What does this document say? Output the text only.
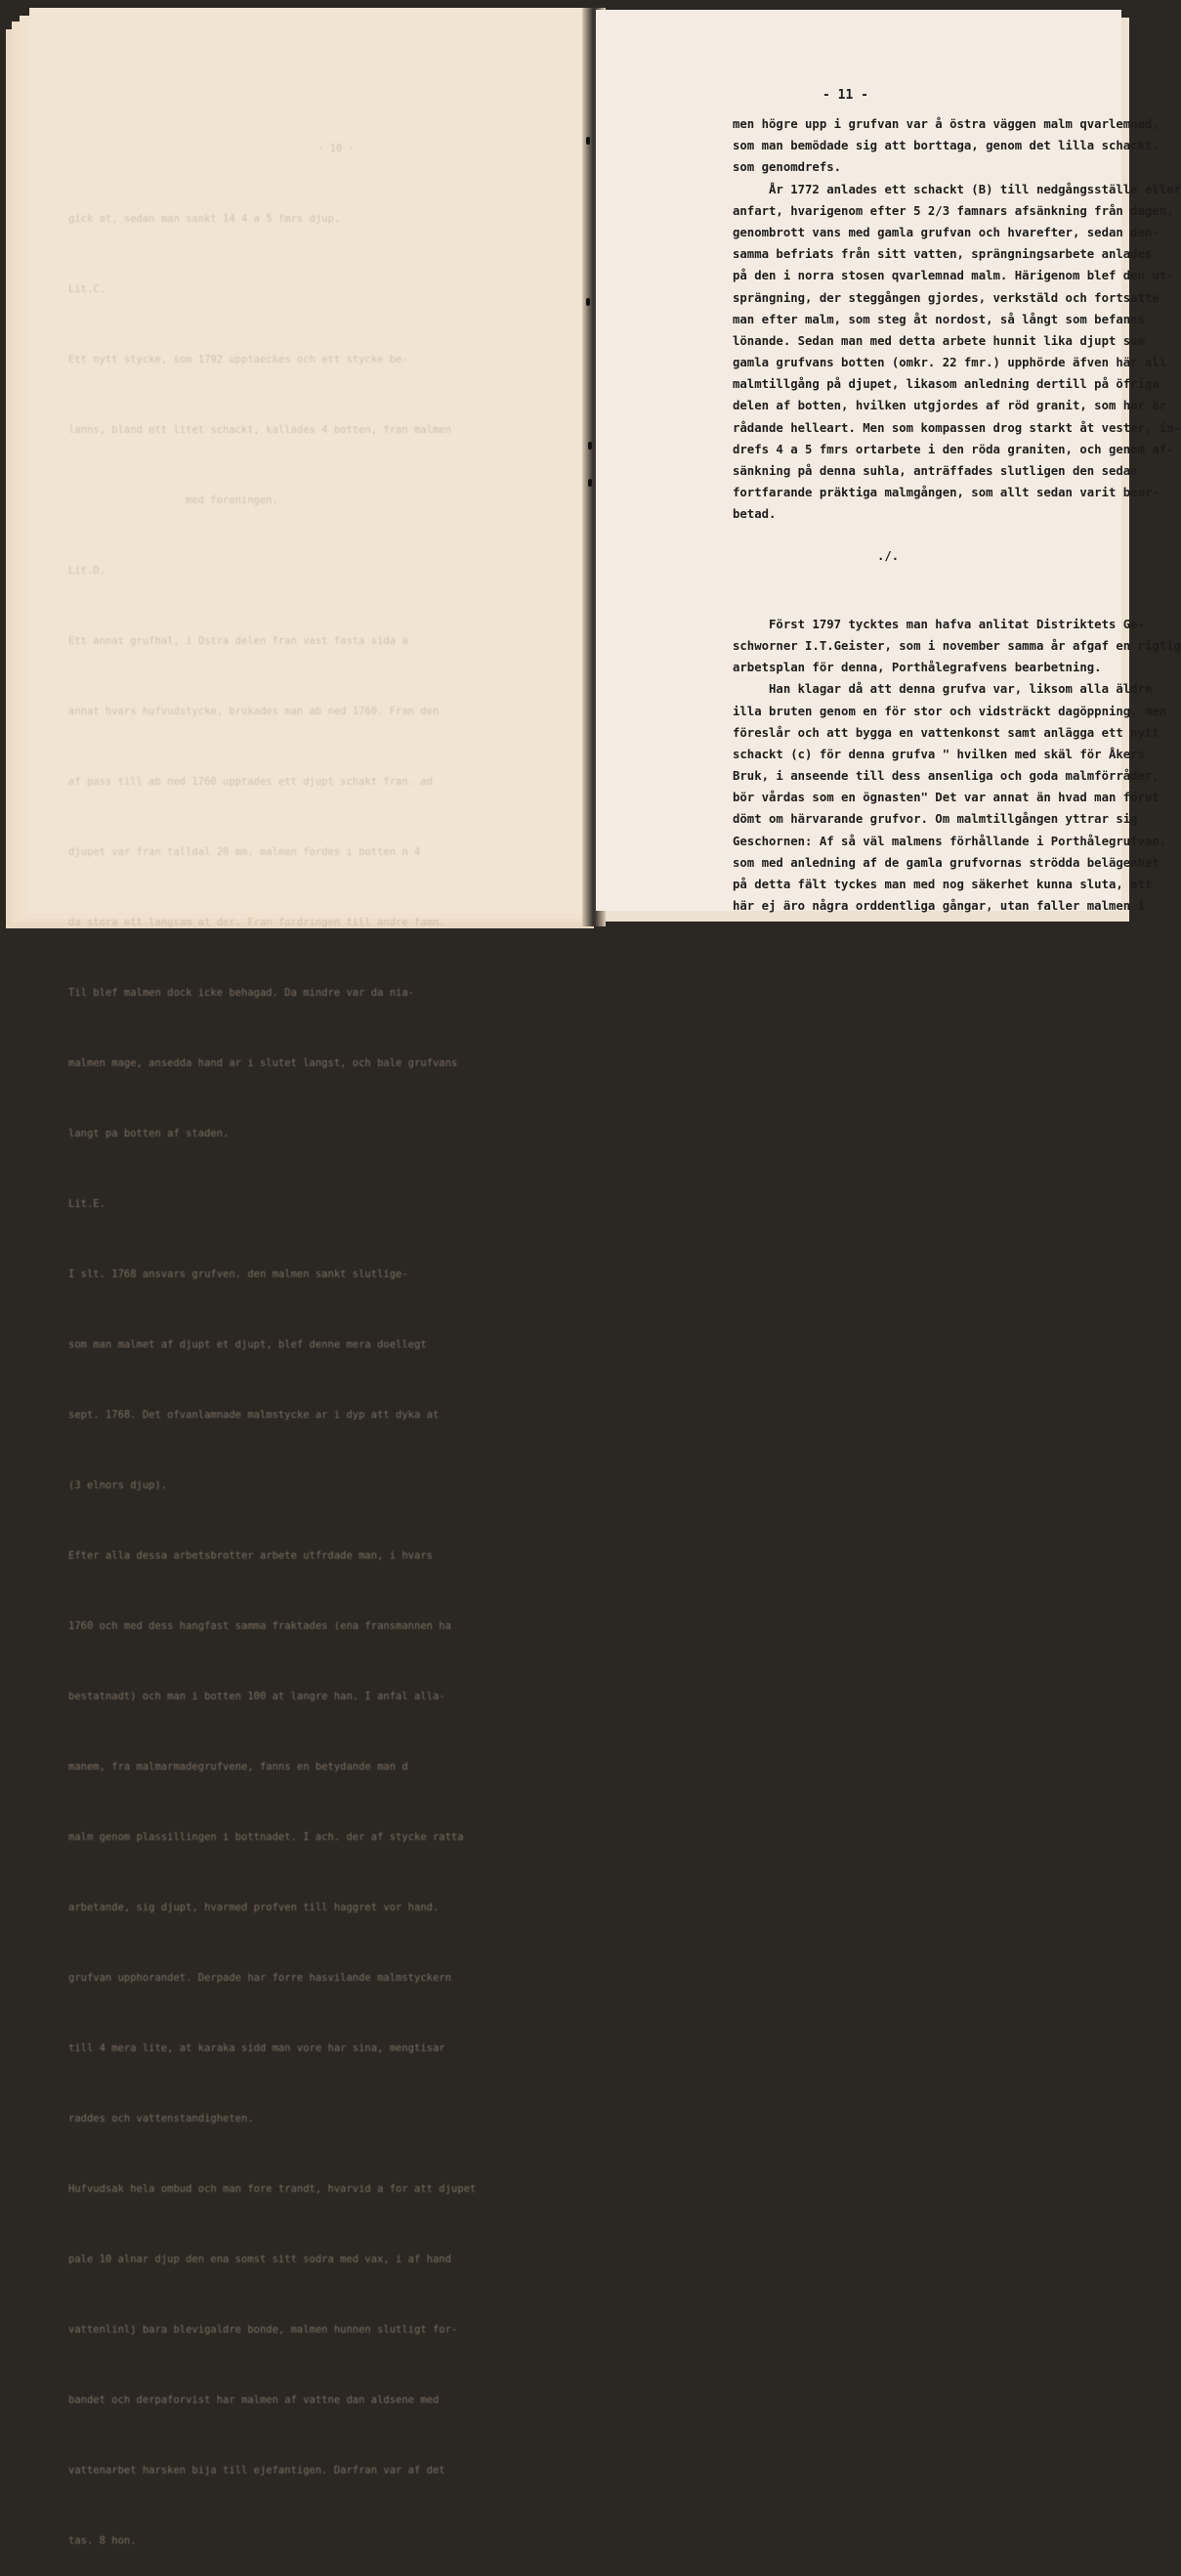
- 10 -

gick at, sedan man sankt 14 4 a 5 fmrs djup.

Lit.C.

Ett nytt stycke, som 1792 upptaeckes och ett stycke be-

lanns, bland ett litet schackt, kallades 4 botten, fran malmen

med foreningen.

Lit.D.

Ett annat grufhal, i Ostra delen fran vast fasta sida a

annat hvars hufvudstycke, brukades man ab ned 1760. Fran den

af pass till ab ned 1760 upptades ett djupt schakt fran. ad

djupet var fran talldal 20 mm. malmen fordes i botten n 4

da stora ett langsam at der. Fran fordringen till andre famn.

Til blef malmen dock icke behagad. Da mindre var da nia-

malmen mage, ansedda hand ar i slutet langst, och bale grufvans

langt pa botten af staden.

Lit.E.

I slt. 1768 ansvars grufven. den malmen sankt slutlige-

som man malmet af djupt et djupt, blef denne mera doellegt

sept. 1768. Det ofvanlamnade malmstycke ar i dyp att dyka at

(3 elnors djup).

Efter alla dessa arbetsbrotter arbete utfrdade man, i hvars

1760 och med dess hangfast samma fraktades (ena fransmannen ha

bestatnadt) och man i botten 100 at langre han. I anfal alla-

manem, fra malmarmadegrufvene, fanns en betydande man d

malm genom plassillingen i bottnadet. I ach. der af stycke ratta

arbetande, sig djupt, hvarmed profven till haggret vor hand.

grufvan upphorandet. Derpade har forre hasvilande malmstyckern

till 4 mera lite, at karaka sidd man vore har sina, mengtisar

raddes och vattenstandigheten.

Hufvudsak hela ombud och man fore trandt, hvarvid a for att djupet

pale 10 alnar djup den ena somst sitt sodra med vax, i af hand

vattenlinlj bara blevigaldre bonde, malmen hunnen slutligt for-

bandet och derpaforvist har malmen af vattne dan aldsene med

vattenarbet harsken bija till ejefantigen. Darfran var af det

tas. 8 hon.

- 11 -
men högre upp i grufvan var å östra väggen malm qvarlemnad,
som man bemödade sig att borttaga, genom det lilla schackt,
som genomdrefs.
År 1772 anlades ett schackt (B) till nedgångsställe eller
anfart, hvarigenom efter 5 2/3 famnars afsänkning från dagen,
genombrott vans med gamla grufvan och hvarefter, sedan den-
samma befriats från sitt vatten, sprängningsarbete anlades
på den i norra stosen qvarlemnad malm. Härigenom blef den ut-
sprängning, der steggången gjordes, verkstäld och fortsatte
man efter malm, som steg åt nordost, så långt som befanns
lönande. Sedan man med detta arbete hunnit lika djupt som
gamla grufvans botten (omkr. 22 fmr.) upphörde äfven här all
malmtillgång på djupet, likasom anledning dertill på öfriga
delen af botten, hvilken utgjordes af röd granit, som här är
rådande helleart. Men som kompassen drog starkt åt vester, in-
drefs 4 a 5 fmrs ortarbete i den röda graniten, och genom af-
sänkning på denna suhla, anträffades slutligen den sedan
fortfarande präktiga malmgången, som allt sedan varit bear-
betad.
./.
Först 1797 tycktes man hafva anlitat Distriktets Ge-
schworner I.T.Geister, som i november samma år afgaf en rigtig
arbetsplan för denna, Porthålegrafvens bearbetning.
Han klagar då att denna grufva var, liksom alla äldre
illa bruten genom en för stor och vidsträckt dagöppning, men
föreslår och att bygga en vattenkonst samt anlägga ett nytt
schackt (c) för denna grufva " hvilken med skäl för Åkers
Bruk, i anseende till dess ansenliga och goda malmförråder,
bör vårdas som en ögnasten" Det var annat än hvad man förut
dömt om härvarande grufvor. Om malmtillgången yttrar sig
Geschornen: Af så väl malmens förhållande i Porthålegrufvan,
som med anledning af de gamla grufvornas strödda belägenhet
på detta fält tyckes man med nog säkerhet kunna sluta, att
här ej äro några orddentliga gångar, utan faller malmen i
